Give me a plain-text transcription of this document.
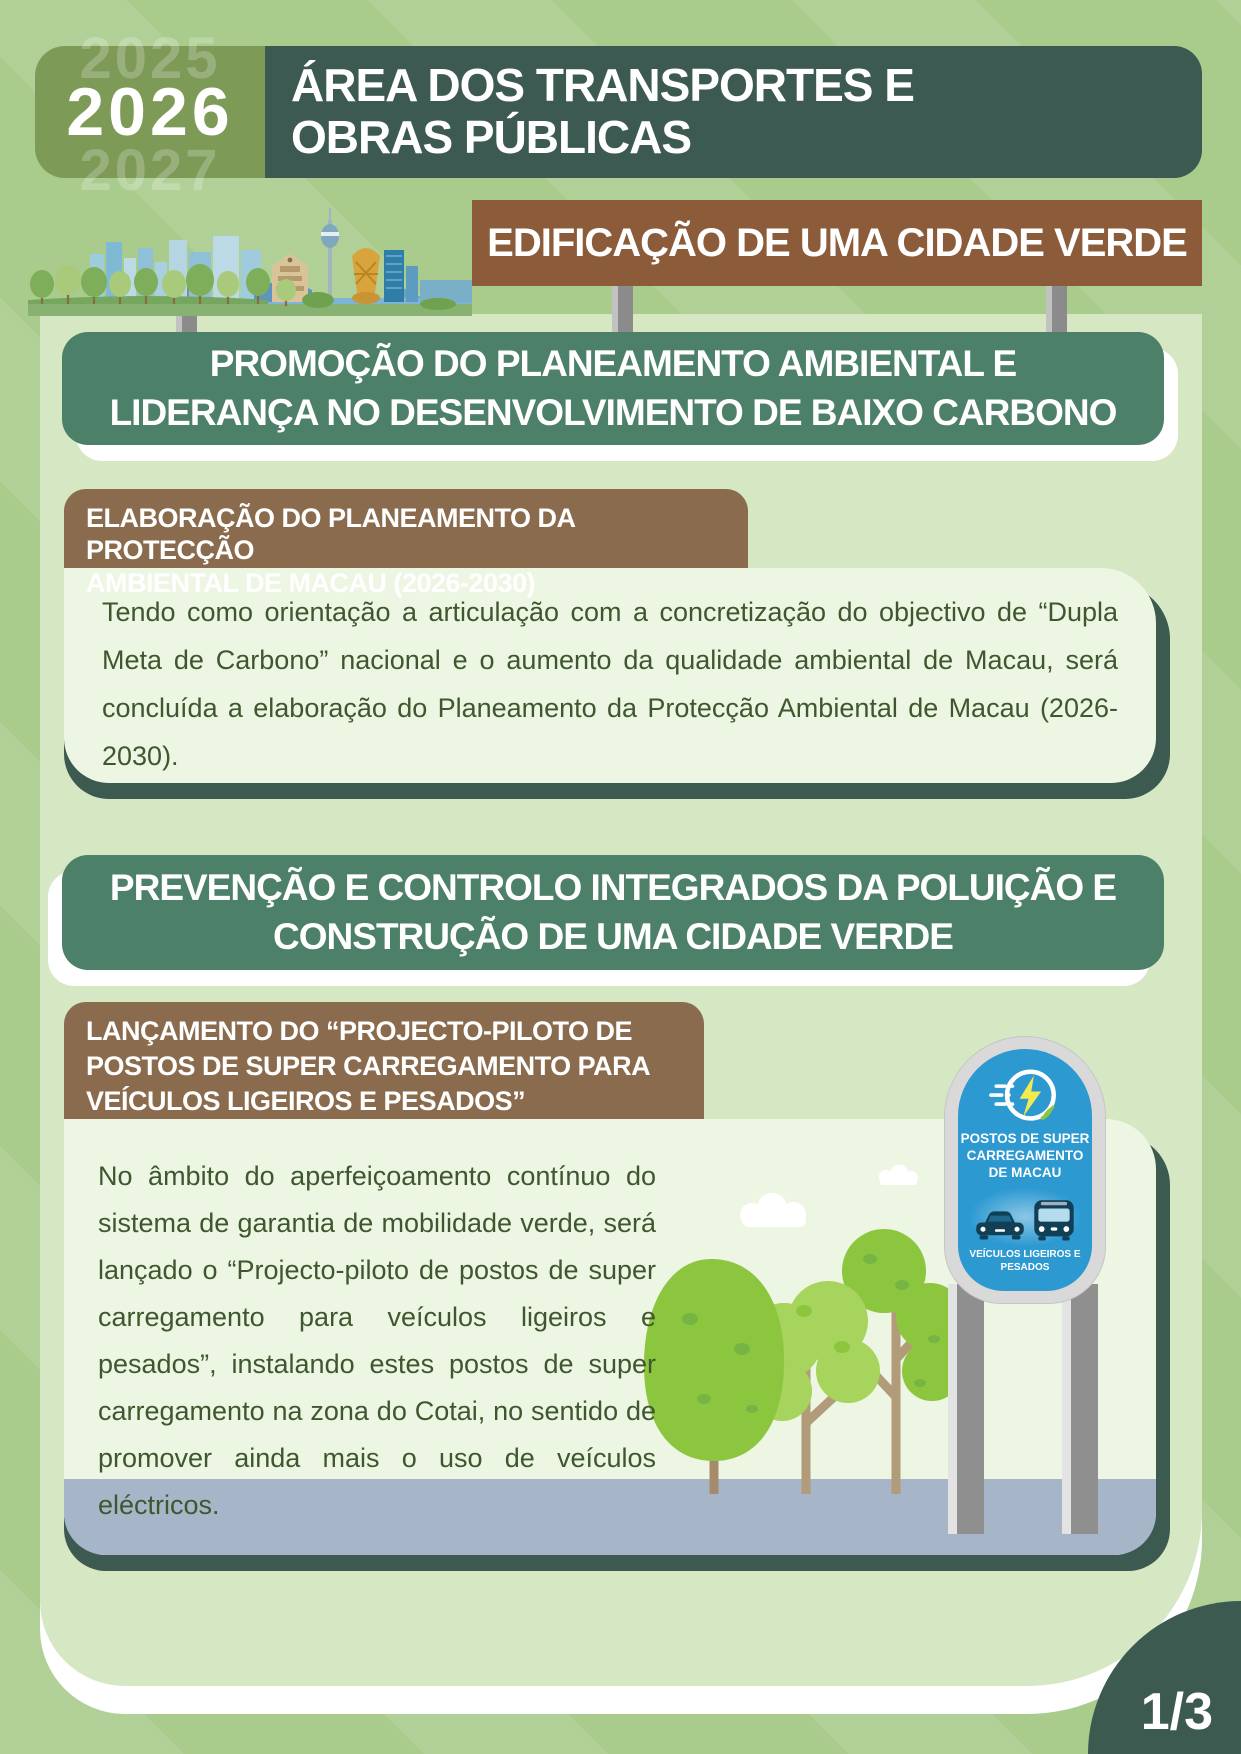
2025
2026
2027
ÁREA DOS TRANSPORTES E
OBRAS PÚBLICAS
EDIFICAÇÃO DE UMA CIDADE VERDE
PROMOÇÃO DO PLANEAMENTO AMBIENTAL E
LIDERANÇA NO DESENVOLVIMENTO DE BAIXO CARBONO
ELABORAÇÃO DO PLANEAMENTO DA PROTECÇÃO
AMBIENTAL DE MACAU (2026-2030)
Tendo como orientação a articulação com a concretização do objectivo de “Dupla Meta de Carbono” nacional e o aumento da qualidade ambiental de Macau, será concluída a elaboração do Planeamento da Protecção Ambiental de Macau (2026-2030).
PREVENÇÃO E CONTROLO INTEGRADOS DA POLUIÇÃO E
CONSTRUÇÃO DE UMA CIDADE VERDE
LANÇAMENTO DO “PROJECTO-PILOTO DE
POSTOS DE SUPER CARREGAMENTO PARA
VEÍCULOS LIGEIROS E PESADOS”
No âmbito do aperfeiçoamento contínuo do sistema de garantia de mobilidade verde, será lançado o “Projecto-piloto de postos de super carregamento para veículos ligeiros e pesados”, instalando estes postos de super carregamento na zona do Cotai, no sentido de promover ainda mais o uso de veículos eléctricos.
POSTOS DE SUPER
CARREGAMENTO
DE MACAU
VEÍCULOS LIGEIROS E
PESADOS
1/3
